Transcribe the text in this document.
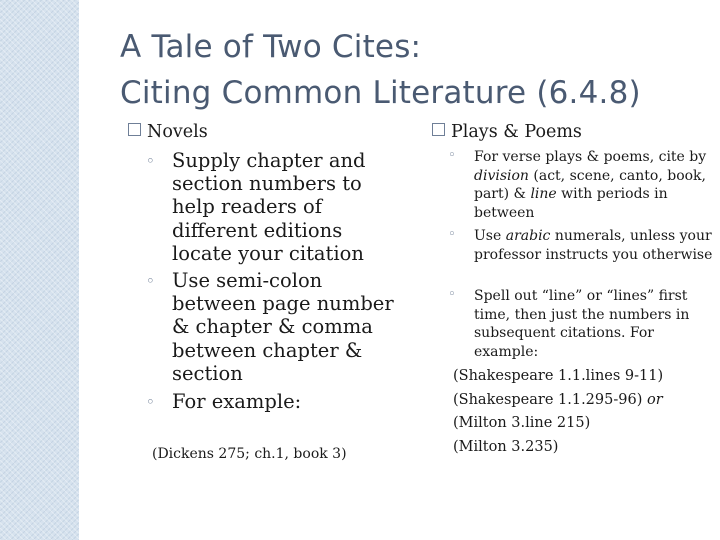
A Tale of Two Cites:
Citing Common Literature (6.4.8)
Novels
◦ Supply chapter and section numbers to help readers of different editions locate your citation
◦ Use semi-colon between page number & chapter & comma between chapter & section
◦ For example:
(Dickens 275; ch.1, book 3)
Plays & Poems
◦ For verse plays & poems, cite by division (act, scene, canto, book, part) & line with periods in between
◦ Use arabic numerals, unless your professor instructs you otherwise
◦ Spell out “line” or “lines” first time, then just the numbers in subsequent citations. For example:
(Shakespeare 1.1.lines 9-11)
(Shakespeare 1.1.295-96) or
(Milton 3.line 215)
(Milton 3.235)
